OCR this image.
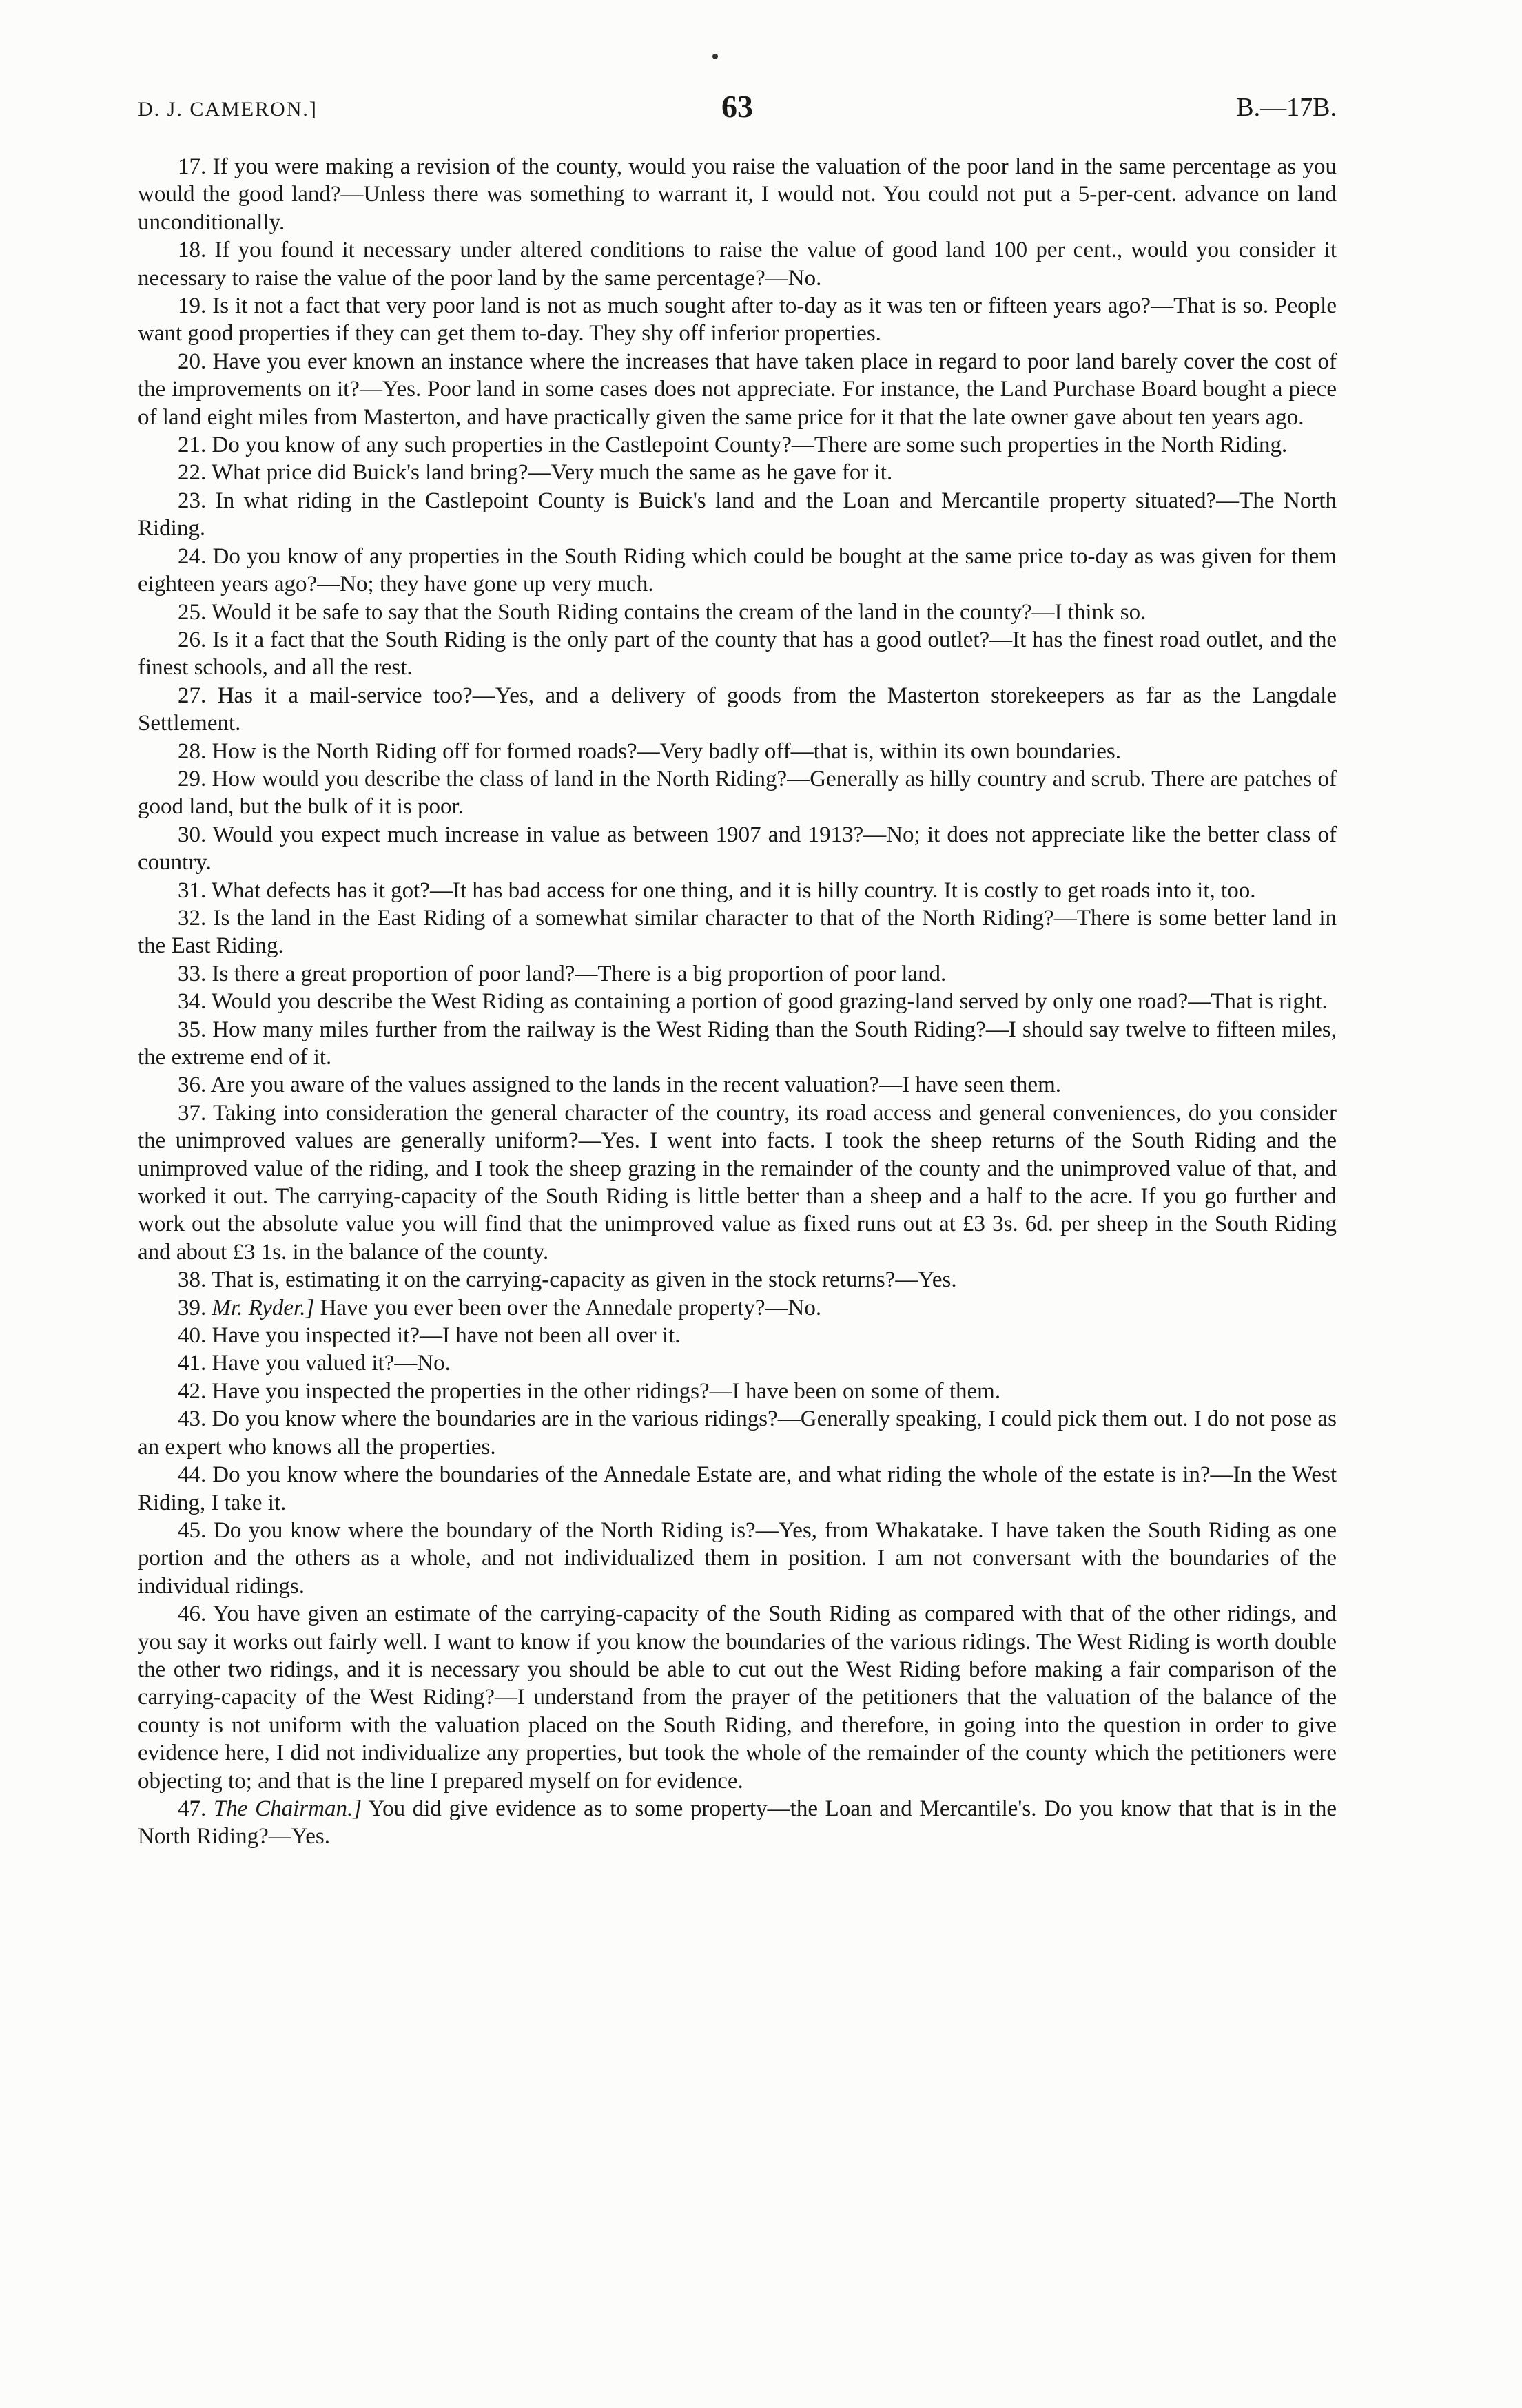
D. J. CAMERON.]	63	B.—17B.

17. If you were making a revision of the county, would you raise the valuation of the poor land in the same percentage as you would the good land?—Unless there was something to warrant it, I would not. You could not put a 5-per-cent. advance on land unconditionally.

18. If you found it necessary under altered conditions to raise the value of good land 100 per cent., would you consider it necessary to raise the value of the poor land by the same percentage?—No.

19. Is it not a fact that very poor land is not as much sought after to-day as it was ten or fifteen years ago?—That is so. People want good properties if they can get them to-day. They shy off inferior properties.

20. Have you ever known an instance where the increases that have taken place in regard to poor land barely cover the cost of the improvements on it?—Yes. Poor land in some cases does not appreciate. For instance, the Land Purchase Board bought a piece of land eight miles from Masterton, and have practically given the same price for it that the late owner gave about ten years ago.

21. Do you know of any such properties in the Castlepoint County?—There are some such properties in the North Riding.

22. What price did Buick's land bring?—Very much the same as he gave for it.

23. In what riding in the Castlepoint County is Buick's land and the Loan and Mercantile property situated?—The North Riding.

24. Do you know of any properties in the South Riding which could be bought at the same price to-day as was given for them eighteen years ago?—No; they have gone up very much.

25. Would it be safe to say that the South Riding contains the cream of the land in the county?—I think so.

26. Is it a fact that the South Riding is the only part of the county that has a good outlet?—It has the finest road outlet, and the finest schools, and all the rest.

27. Has it a mail-service too?—Yes, and a delivery of goods from the Masterton storekeepers as far as the Langdale Settlement.

28. How is the North Riding off for formed roads?—Very badly off—that is, within its own boundaries.

29. How would you describe the class of land in the North Riding?—Generally as hilly country and scrub. There are patches of good land, but the bulk of it is poor.

30. Would you expect much increase in value as between 1907 and 1913?—No; it does not appreciate like the better class of country.

31. What defects has it got?—It has bad access for one thing, and it is hilly country. It is costly to get roads into it, too.

32. Is the land in the East Riding of a somewhat similar character to that of the North Riding?—There is some better land in the East Riding.

33. Is there a great proportion of poor land?—There is a big proportion of poor land.

34. Would you describe the West Riding as containing a portion of good grazing-land served by only one road?—That is right.

35. How many miles further from the railway is the West Riding than the South Riding?—I should say twelve to fifteen miles, the extreme end of it.

36. Are you aware of the values assigned to the lands in the recent valuation?—I have seen them.

37. Taking into consideration the general character of the country, its road access and general conveniences, do you consider the unimproved values are generally uniform?—Yes. I went into facts. I took the sheep returns of the South Riding and the unimproved value of the riding, and I took the sheep grazing in the remainder of the county and the unimproved value of that, and worked it out. The carrying-capacity of the South Riding is little better than a sheep and a half to the acre. If you go further and work out the absolute value you will find that the unimproved value as fixed runs out at £3 3s. 6d. per sheep in the South Riding and about £3 1s. in the balance of the county.

38. That is, estimating it on the carrying-capacity as given in the stock returns?—Yes.

39. Mr. Ryder.] Have you ever been over the Annedale property?—No.

40. Have you inspected it?—I have not been all over it.

41. Have you valued it?—No.

42. Have you inspected the properties in the other ridings?—I have been on some of them.

43. Do you know where the boundaries are in the various ridings?—Generally speaking, I could pick them out. I do not pose as an expert who knows all the properties.

44. Do you know where the boundaries of the Annedale Estate are, and what riding the whole of the estate is in?—In the West Riding, I take it.

45. Do you know where the boundary of the North Riding is?—Yes, from Whakatake. I have taken the South Riding as one portion and the others as a whole, and not individualized them in position. I am not conversant with the boundaries of the individual ridings.

46. You have given an estimate of the carrying-capacity of the South Riding as compared with that of the other ridings, and you say it works out fairly well. I want to know if you know the boundaries of the various ridings. The West Riding is worth double the other two ridings, and it is necessary you should be able to cut out the West Riding before making a fair comparison of the carrying-capacity of the West Riding?—I understand from the prayer of the petitioners that the valuation of the balance of the county is not uniform with the valuation placed on the South Riding, and therefore, in going into the question in order to give evidence here, I did not individualize any properties, but took the whole of the remainder of the county which the petitioners were objecting to; and that is the line I prepared myself on for evidence.

47. The Chairman.] You did give evidence as to some property—the Loan and Mercantile's. Do you know that that is in the North Riding?—Yes.
